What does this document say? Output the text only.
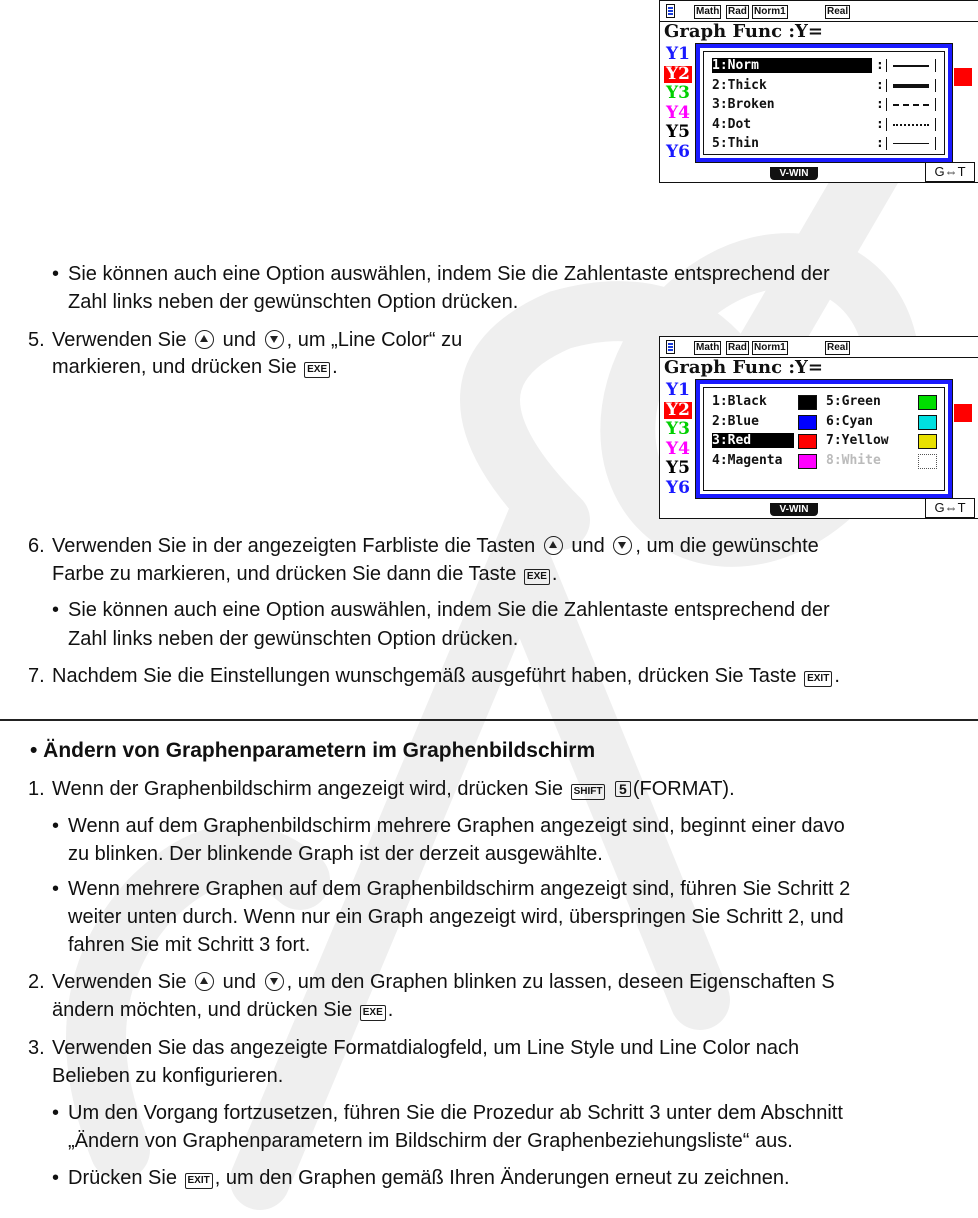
Math Rad Norm1	Real
Graph Func :Y=
Y1
Y2
Y3
Y4
Y5
Y6
V-WIN	G⇔T
1:Norm	:
2:Thick	:
3:Broken	:
4:Dot	:
5:Thin	:
Math Rad Norm1	Real
Graph Func :Y=
Y1
Y2
Y3
Y4
Y5
Y6
V-WIN	G⇔T
1:Black
2:Blue
3:Red
4:Magenta
5:Green
6:Cyan
7:Yellow
8:White
• Sie können auch eine Option auswählen, indem Sie die Zahlentaste entsprechend der
Zahl links neben der gewünschten Option drücken.
5. Verwenden Sie  und , um „Line Color“ zu
markieren, und drücken Sie EXE .
6. Verwenden Sie in der angezeigten Farbliste die Tasten  und , um die gewünschte
Farbe zu markieren, und drücken Sie dann die Taste EXE .
• Sie können auch eine Option auswählen, indem Sie die Zahlentaste entsprechend der
Zahl links neben der gewünschten Option drücken.
7. Nachdem Sie die Einstellungen wunschgemäß ausgeführt haben, drücken Sie Taste EXIT .
• Ändern von Graphenparametern im Graphenbildschirm
1. Wenn der Graphenbildschirm angezeigt wird, drücken Sie SHIFT 5 (FORMAT).
• Wenn auf dem Graphenbildschirm mehrere Graphen angezeigt sind, beginnt einer davo
zu blinken. Der blinkende Graph ist der derzeit ausgewählte.
• Wenn mehrere Graphen auf dem Graphenbildschirm angezeigt sind, führen Sie Schritt 2
weiter unten durch. Wenn nur ein Graph angezeigt wird, überspringen Sie Schritt 2, und
fahren Sie mit Schritt 3 fort.
2. Verwenden Sie  und , um den Graphen blinken zu lassen, deseen Eigenschaften S
ändern möchten, und drücken Sie EXE .
3. Verwenden Sie das angezeigte Formatdialogfeld, um Line Style und Line Color nach
Belieben zu konfigurieren.
• Um den Vorgang fortzusetzen, führen Sie die Prozedur ab Schritt 3 unter dem Abschnitt
„Ändern von Graphenparametern im Bildschirm der Graphenbeziehungsliste“ aus.
• Drücken Sie EXIT , um den Graphen gemäß Ihren Änderungen erneut zu zeichnen.
